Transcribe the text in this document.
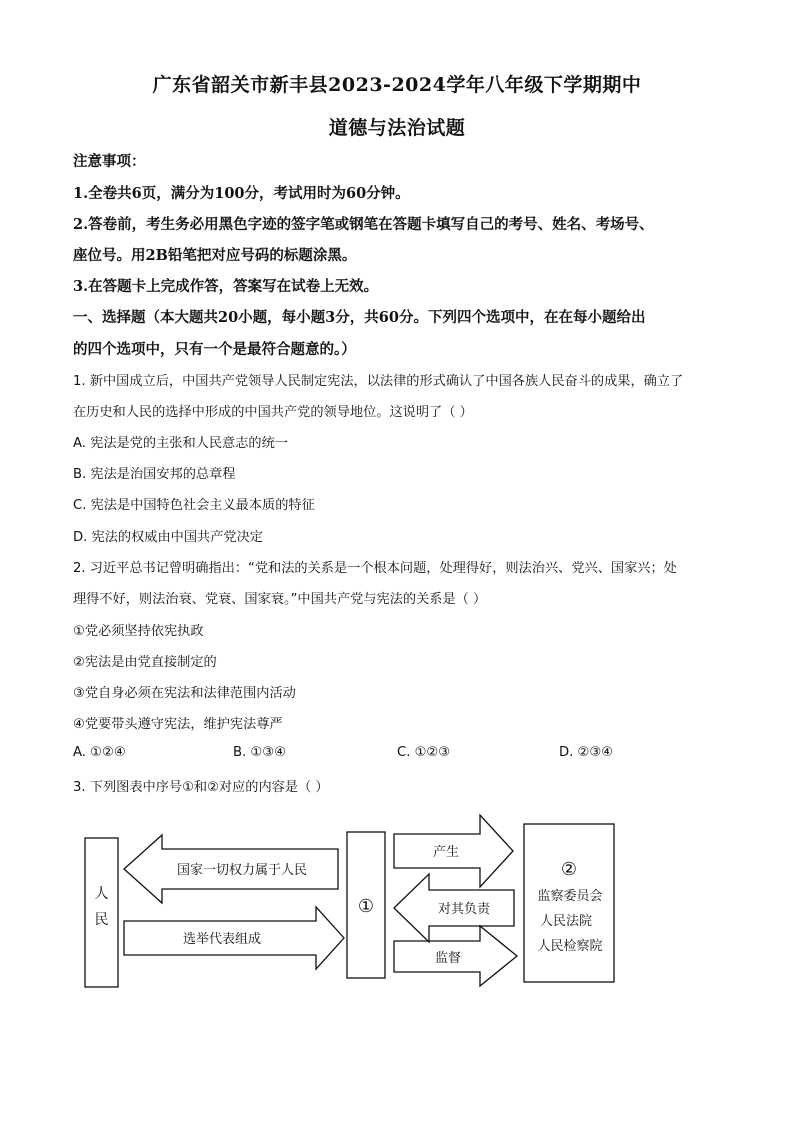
广东省韶关市新丰县2023-2024学年八年级下学期期中
道德与法治试题
注意事项：
1.全卷共6页，满分为100分，考试用时为60分钟。
2.答卷前，考生务必用黑色字迹的签字笔或钢笔在答题卡填写自己的考号、姓名、考场号、
座位号。用2B铅笔把对应号码的标题涂黑。
3.在答题卡上完成作答，答案写在试卷上无效。
一、选择题（本大题共20小题，每小题3分，共60分。下列四个选项中，在在每小题给出
的四个选项中，只有一个是最符合题意的。）
1. 新中国成立后，中国共产党领导人民制定宪法，以法律的形式确认了中国各族人民奋斗的成果，确立了
在历史和人民的选择中形成的中国共产党的领导地位。这说明了（ ）
A. 宪法是党的主张和人民意志的统一
B. 宪法是治国安邦的总章程
C. 宪法是中国特色社会主义最本质的特征
D. 宪法的权威由中国共产党决定
2. 习近平总书记曾明确指出：“党和法的关系是一个根本问题，处理得好，则法治兴、党兴、国家兴；处
理得不好，则法治衰、党衰、国家衰。”中国共产党与宪法的关系是（ ）
①党必须坚持依宪执政
②宪法是由党直接制定的
③党自身必须在宪法和法律范围内活动
④党要带头遵守宪法，维护宪法尊严
A. ①②④	B. ①③④	C. ①②③	D. ②③④
3. 下列图表中序号①和②对应的内容是（ ）
人
民
国家一切权力属于人民
选举代表组成
①
产生
对其负责
监督
②
监察委员会
人民法院
人民检察院
